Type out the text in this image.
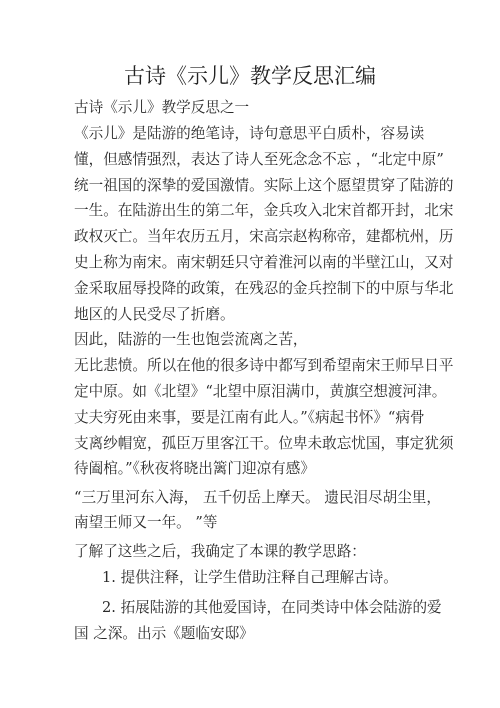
古诗《示儿》教学反思汇编
古诗《示儿》教学反思之一
《示儿》是陆游的绝笔诗，诗句意思平白质朴，容易读
懂，但感情强烈，表达了诗人至死念念不忘 ，“北定中原”
统一祖国的深挚的爱国激情。实际上这个愿望贯穿了陆游的
一生。在陆游出生的第二年，金兵攻入北宋首都开封，北宋
政权灭亡。当年农历五月，宋高宗赵构称帝，建都杭州，历
史上称为南宋。南宋朝廷只守着淮河以南的半壁江山，又对
金采取屈辱投降的政策，在残忍的金兵控制下的中原与华北
地区的人民受尽了折磨。
因此，陆游的一生也饱尝流离之苦，
无比悲愤。所以在他的很多诗中都写到希望南宋王师早日平
定中原。如《北望》“北望中原泪满巾，黄旗空想渡河津。
丈夫穷死由来事，要是江南有此人。”《病起书怀》“病骨
支离纱帽宽，孤臣万里客江干。位卑未敢忘忧国，事定犹须
待阖棺。”《秋夜将晓出篱门迎凉有感》
“三万里河东入海， 五千仞岳上摩天。 遗民泪尽胡尘里，
南望王师又一年。 ”等
了解了这些之后，我确定了本课的教学思路：
1. 提供注释，让学生借助注释自己理解古诗。
2. 拓展陆游的其他爱国诗，在同类诗中体会陆游的爱
国 之深。出示《题临安邸》
